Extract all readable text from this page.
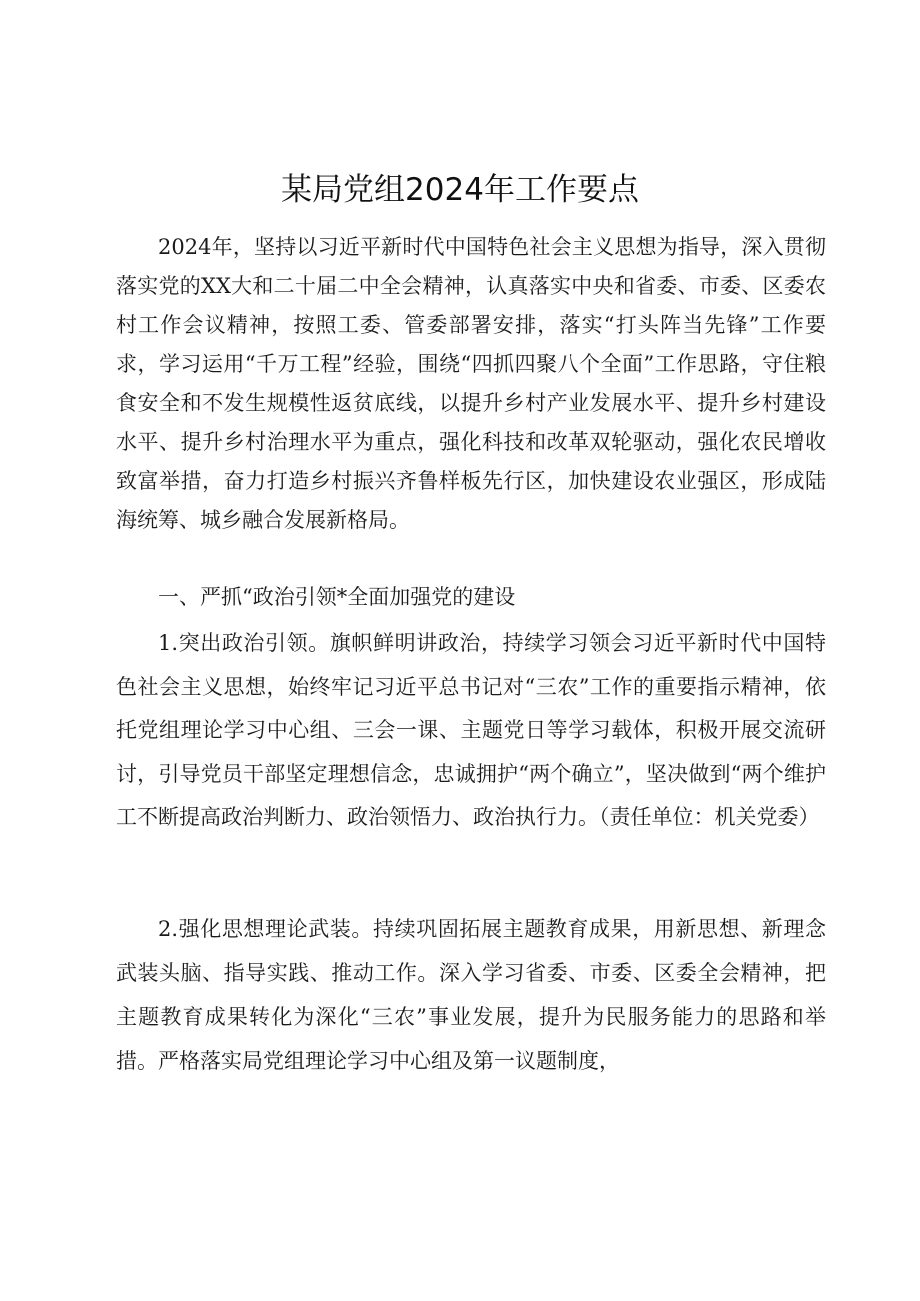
某局党组2024年工作要点

2024年，坚持以习近平新时代中国特色社会主义思想为指导，深入贯彻落实党的XX大和二十届二中全会精神，认真落实中央和省委、市委、区委农村工作会议精神，按照工委、管委部署安排，落实“打头阵当先锋”工作要求，学习运用“千万工程”经验，围绕“四抓四聚八个全面”工作思路，守住粮食安全和不发生规模性返贫底线，以提升乡村产业发展水平、提升乡村建设水平、提升乡村治理水平为重点，强化科技和改革双轮驱动，强化农民增收致富举措，奋力打造乡村振兴齐鲁样板先行区，加快建设农业强区，形成陆海统筹、城乡融合发展新格局。

一、严抓“政治引领*全面加强党的建设

1.突出政治引领。旗帜鲜明讲政治，持续学习领会习近平新时代中国特色社会主义思想，始终牢记习近平总书记对“三农”工作的重要指示精神，依托党组理论学习中心组、三会一课、主题党日等学习载体，积极开展交流研讨，引导党员干部坚定理想信念，忠诚拥护“两个确立”，坚决做到“两个维护工不断提高政治判断力、政治领悟力、政治执行力。（责任单位：机关党委）

2.强化思想理论武装。持续巩固拓展主题教育成果，用新思想、新理念武装头脑、指导实践、推动工作。深入学习省委、市委、区委全会精神，把主题教育成果转化为深化“三农”事业发展，提升为民服务能力的思路和举措。严格落实局党组理论学习中心组及第一议题制度，
